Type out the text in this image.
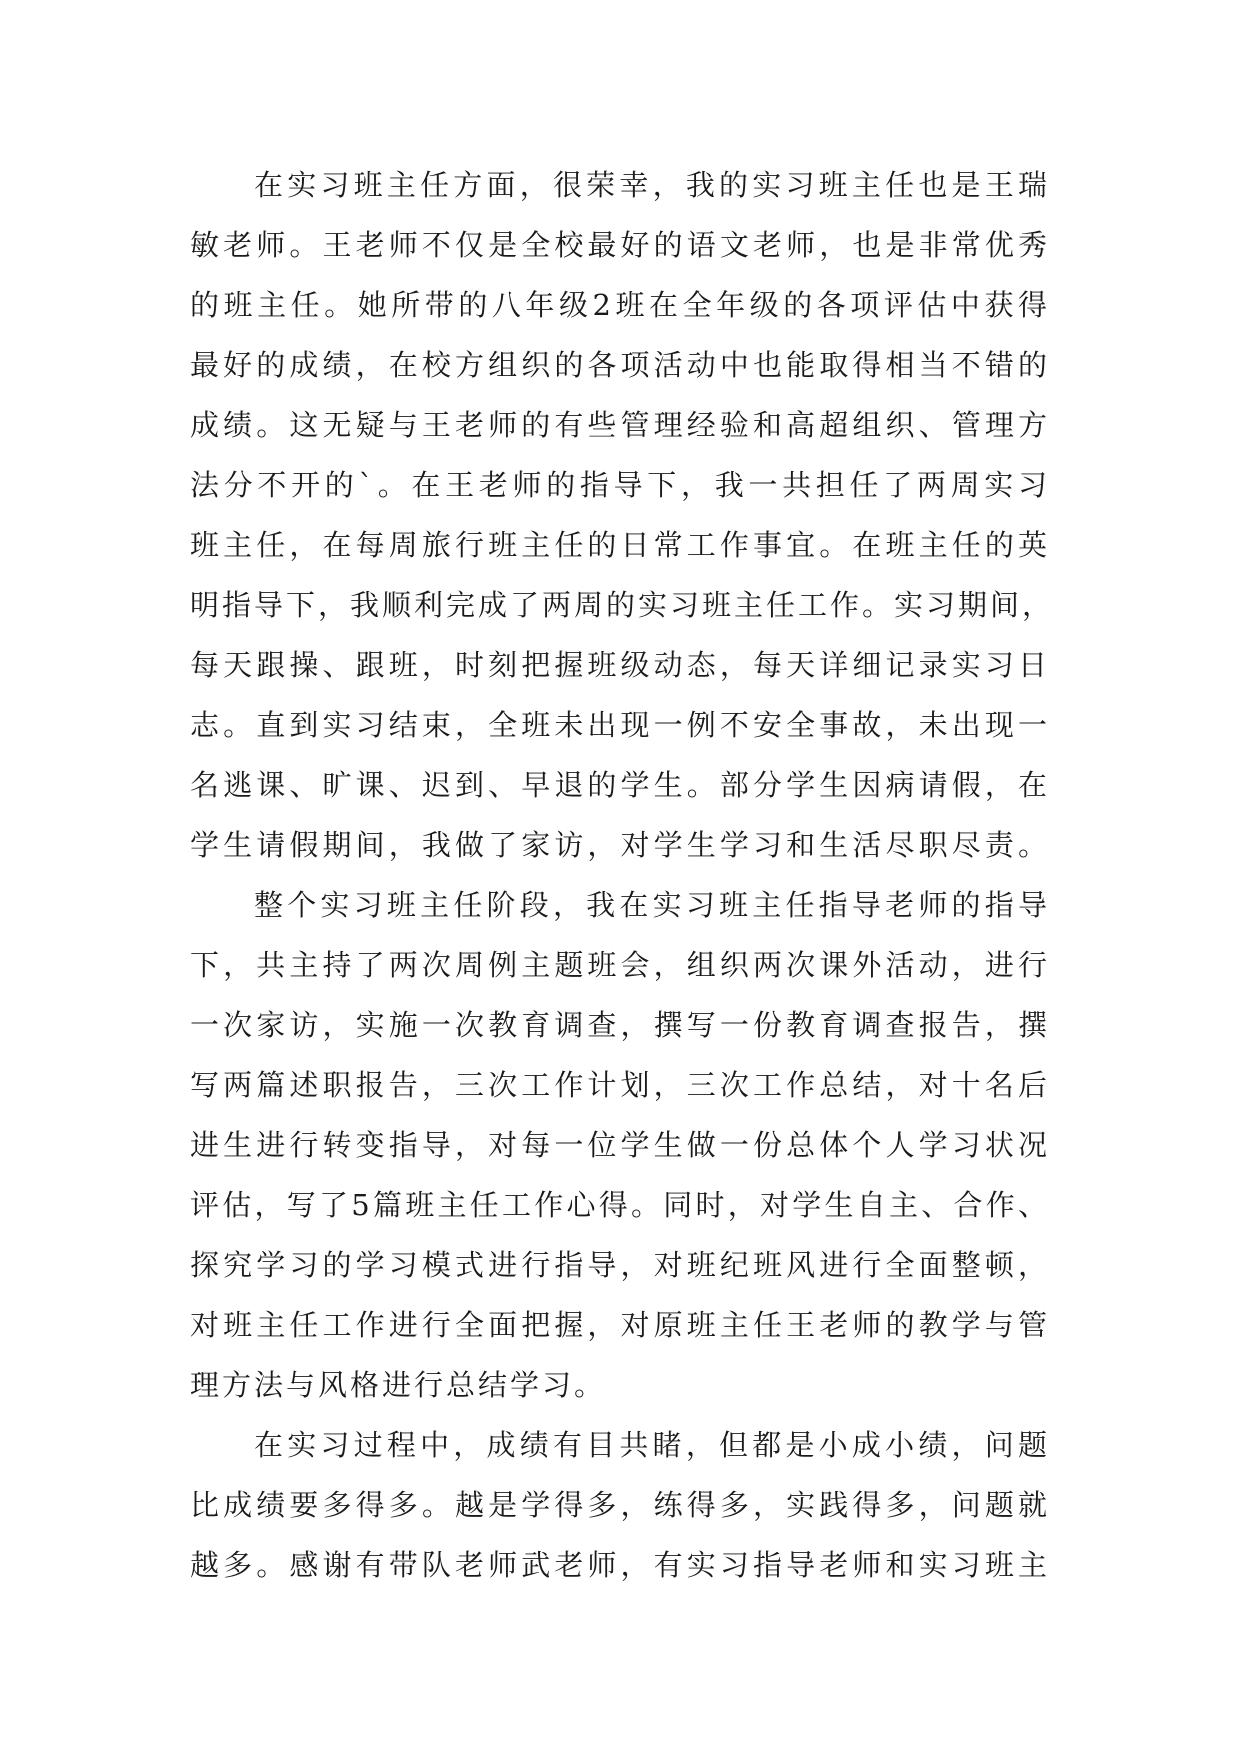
在实习班主任方面，很荣幸，我的实习班主任也是王瑞
敏老师。王老师不仅是全校最好的语文老师，也是非常优秀
的班主任。她所带的八年级2班在全年级的各项评估中获得
最好的成绩，在校方组织的各项活动中也能取得相当不错的
成绩。这无疑与王老师的有些管理经验和高超组织、管理方
法分不开的`。在王老师的指导下，我一共担任了两周实习
班主任，在每周旅行班主任的日常工作事宜。在班主任的英
明指导下，我顺利完成了两周的实习班主任工作。实习期间，
每天跟操、跟班，时刻把握班级动态，每天详细记录实习日
志。直到实习结束，全班未出现一例不安全事故，未出现一
名逃课、旷课、迟到、早退的学生。部分学生因病请假，在
学生请假期间，我做了家访，对学生学习和生活尽职尽责。
整个实习班主任阶段，我在实习班主任指导老师的指导
下，共主持了两次周例主题班会，组织两次课外活动，进行
一次家访，实施一次教育调查，撰写一份教育调查报告，撰
写两篇述职报告，三次工作计划，三次工作总结，对十名后
进生进行转变指导，对每一位学生做一份总体个人学习状况
评估，写了5篇班主任工作心得。同时，对学生自主、合作、
探究学习的学习模式进行指导，对班纪班风进行全面整顿，
对班主任工作进行全面把握，对原班主任王老师的教学与管
理方法与风格进行总结学习。
在实习过程中，成绩有目共睹，但都是小成小绩，问题
比成绩要多得多。越是学得多，练得多，实践得多，问题就
越多。感谢有带队老师武老师，有实习指导老师和实习班主
